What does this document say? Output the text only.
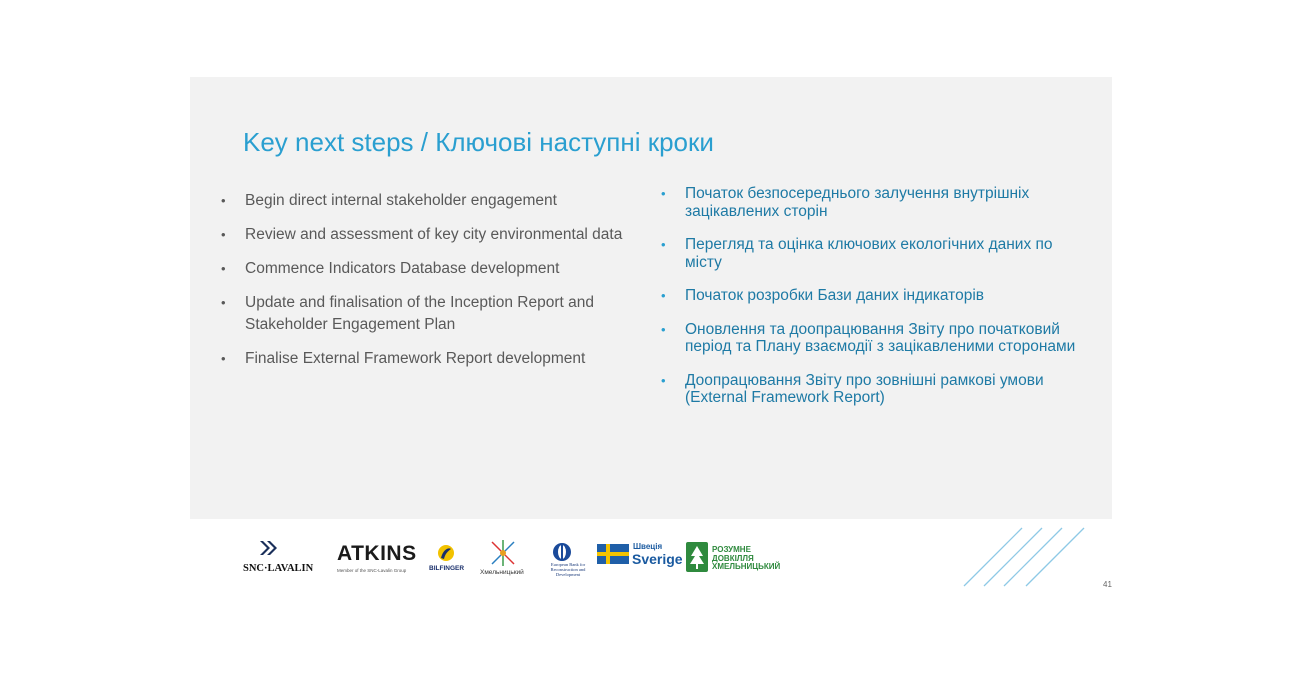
Key next steps / Ключові наступні кроки
• Begin direct internal stakeholder engagement
• Review and assessment of key city environmental data
• Commence Indicators Database development
• Update and finalisation of the Inception Report and Stakeholder Engagement Plan
• Finalise External Framework Report development
• Початок безпосереднього залучення внутрішніх зацікавлених сторін
• Перегляд та оцінка ключових екологічних даних по місту
• Початок розробки Бази даних індикаторів
• Оновлення та доопрацювання Звіту про початковий період та Плану взаємодії з зацікавленими сторонами
• Доопрацювання Звіту про зовнішні рамкові умови (External Framework Report)
SNC·LAVALIN
ATKINS
Member of the SNC-Lavalin Group	BILFINGER
Хмельницький
European Bank for Reconstruction and Development
Швеція
Sverige
РОЗУМНЕ
ДОВКІЛЛЯ
ХМЕЛЬНИЦЬКИЙ
41
